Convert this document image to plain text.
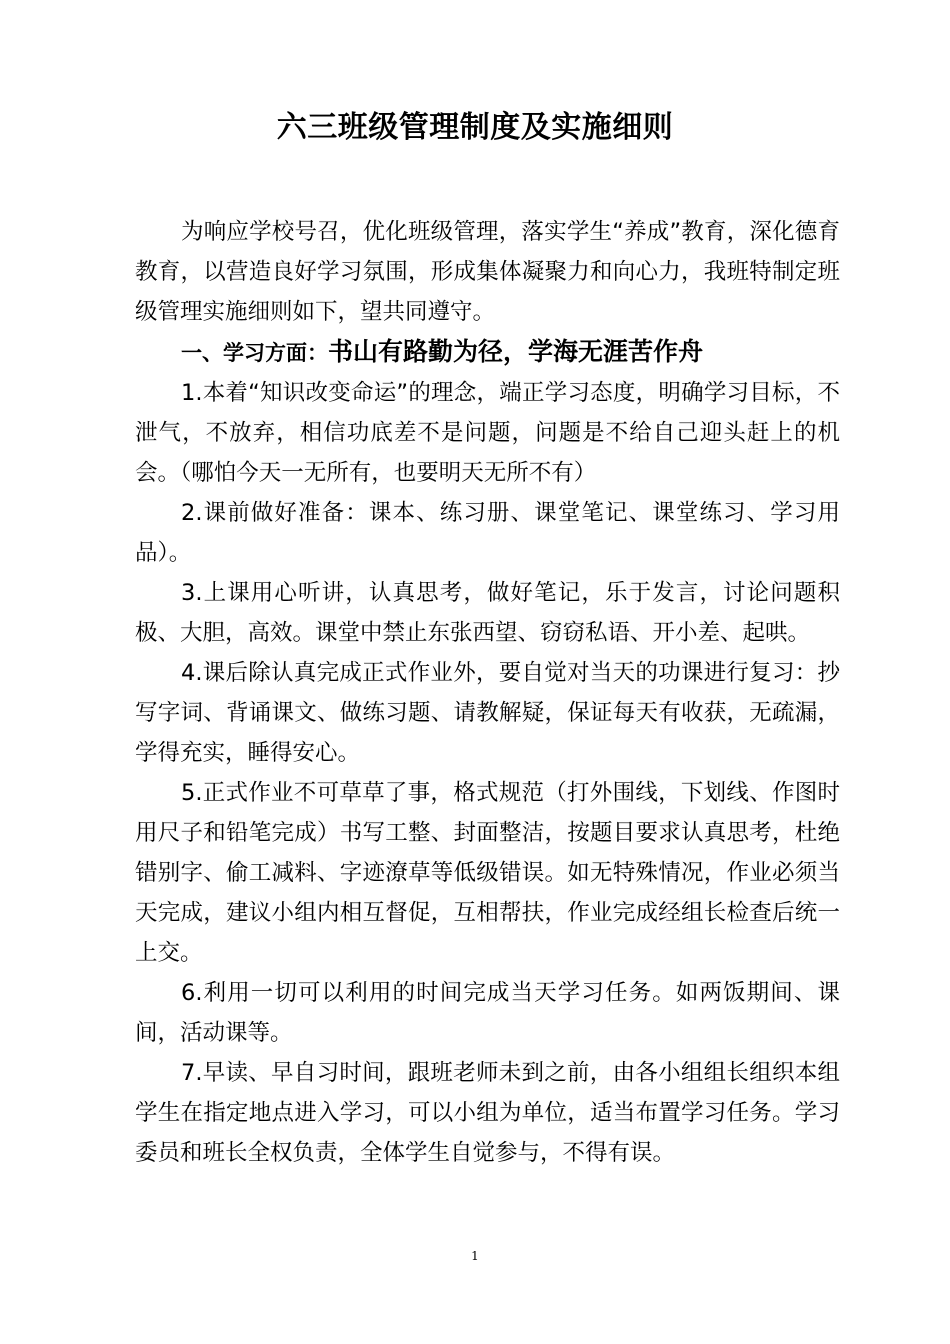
六三班级管理制度及实施细则

为响应学校号召，优化班级管理，落实学生“养成”教育，深化德育教育，以营造良好学习氛围，形成集体凝聚力和向心力，我班特制定班级管理实施细则如下，望共同遵守。

一、学习方面：书山有路勤为径，学海无涯苦作舟

1.本着“知识改变命运”的理念，端正学习态度，明确学习目标，不泄气，不放弃，相信功底差不是问题，问题是不给自己迎头赶上的机会。（哪怕今天一无所有，也要明天无所不有）

2.课前做好准备：课本、练习册、课堂笔记、课堂练习、学习用品）。

3.上课用心听讲，认真思考，做好笔记，乐于发言，讨论问题积极、大胆，高效。课堂中禁止东张西望、窃窃私语、开小差、起哄。

4.课后除认真完成正式作业外，要自觉对当天的功课进行复习：抄写字词、背诵课文、做练习题、请教解疑，保证每天有收获，无疏漏，学得充实，睡得安心。

5.正式作业不可草草了事，格式规范（打外围线，下划线、作图时用尺子和铅笔完成）书写工整、封面整洁，按题目要求认真思考，杜绝错别字、偷工减料、字迹潦草等低级错误。如无特殊情况，作业必须当天完成，建议小组内相互督促，互相帮扶，作业完成经组长检查后统一上交。

6.利用一切可以利用的时间完成当天学习任务。如两饭期间、课间，活动课等。

7.早读、早自习时间，跟班老师未到之前，由各小组组长组织本组学生在指定地点进入学习，可以小组为单位，适当布置学习任务。学习委员和班长全权负责，全体学生自觉参与，不得有误。

1
